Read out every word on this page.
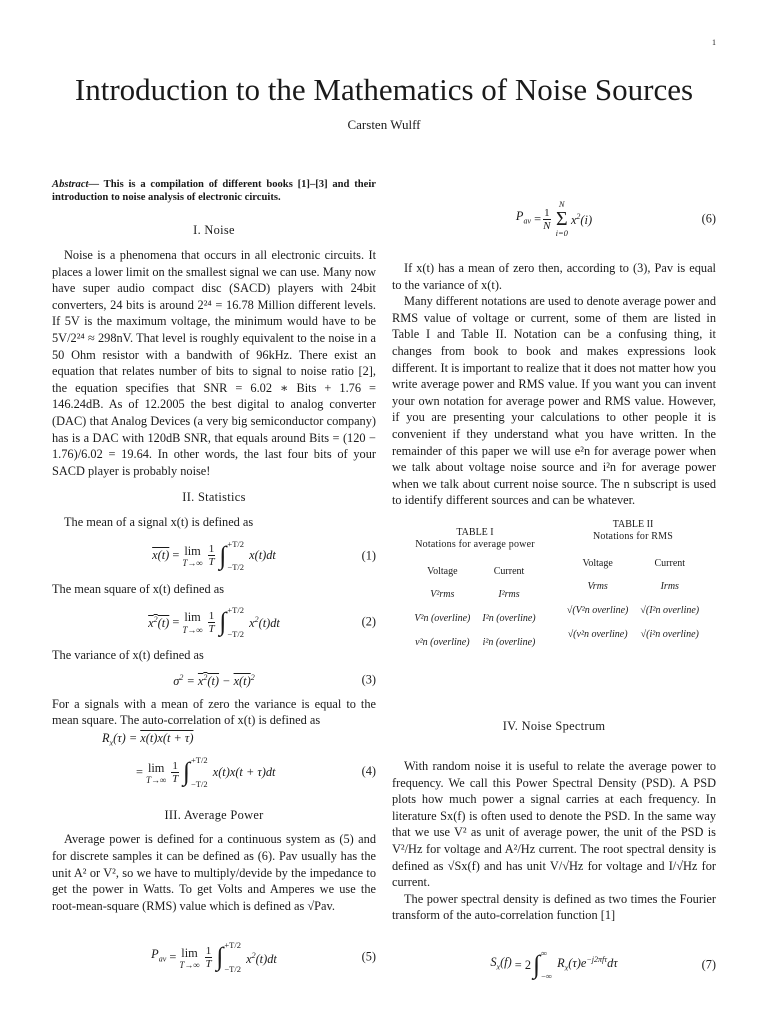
1
Introduction to the Mathematics of Noise Sources
Carsten Wulff
Abstract— This is a compilation of different books [1]–[3] and their introduction to noise analysis of electronic circuits.
I. Noise

Noise is a phenomena that occurs in all electronic circuits. It places a lower limit on the smallest signal we can use. Many now have super audio compact disc (SACD) players with 24bit converters, 24 bits is around 2²⁴ = 16.78 Million different levels. If 5V is the maximum voltage, the minimum would have to be 5V/2²⁴ ≈ 298nV. That level is roughly equivalent to the noise in a 50 Ohm resistor with a bandwith of 96kHz. There exist an equation that relates number of bits to signal to noise ratio [2], the equation specifies that SNR = 6.02 ∗ Bits + 1.76 = 146.24dB. As of 12.2005 the best digital to analog converter (DAC) that Analog Devices (a very big semiconductor company) has is a DAC with 120dB SNR, that equals around Bits = (120 − 1.76)/6.02 = 19.64. In other words, the last four bits of your SACD player is probably noise!

II. Statistics

The mean of a signal x(t) is defined as

x(t) = lim
$T\to\infty \frac{1}{T}$ ∫ +T/2
−T/2
x(t)dt	(1)

The mean square of x(t) defined as

$x^2(t) = \lim$
$T\to\infty \frac{1}{T}$ ∫ +T/2
−T/2
$x^2(t)dt$	(2)

The variance of x(t) defined as

$\sigma^2 = x^2(t) - x(t)^2$	(3)

For a signals with a mean of zero the variance is equal to the mean square. The auto-correlation of x(t) is defined as

$R_x(\tau) = x(t)x(t + \tau)$
= lim
$T\to\infty \frac{1}{T}$ ∫ +T/2
−T/2
x(t)x(t + τ)dt	(4)
III. Average Power

Average power is defined for a continuous system as (5) and for discrete samples it can be defined as (6). Pav usually has the unit A² or V², so we have to multiply/devide by the impedance to get the power in Watts. To get Volts and Amperes we use the root-mean-square (RMS) value which is defined as √Pav.

$P_{av} = \lim$
$T\to\infty \frac{1}{T}$ ∫ +T/2
−T/2
$x^2(t)dt$	(5)
$P_{av} = \frac{1}{N}$
N
Σ
i=0
$x^2(i)$	(6)

If x(t) has a mean of zero then, according to (3), Pav is equal to the variance of x(t).

Many different notations are used to denote average power and RMS value of voltage or current, some of them are listed in Table I and Table II. Notation can be a confusing thing, it changes from book to book and makes expressions look different. It is important to realize that it does not matter how you write average power and RMS value. If you want you can invent your own notation for average power and RMS value. However, if you are presenting your calculations to other people it is convenient if they understand what you have written. In the remainder of this paper we will use e²n for average power when we talk about voltage noise source and i²n for average power when we talk about current noise source. The n subscript is used to identify different sources and can be whatever.

TABLE I
Notations for average power
Voltage	Current
V²rms	I²rms
V²n (overline)	I²n (overline)
v²n (overline)	i²n (overline)
TABLE II
Notations for RMS
Voltage	Current
Vrms	Irms
√(V²n overline)	√(I²n overline)
√(v²n overline)	√(i²n overline)
IV. Noise Spectrum

With random noise it is useful to relate the average power to frequency. We call this Power Spectral Density (PSD). A PSD plots how much power a signal carries at each frequency. In literature Sx(f) is often used to denote the PSD. In the same way that we use V² as unit of average power, the unit of the PSD is V²/Hz for voltage and A²/Hz current. The root spectral density is defined as √Sx(f) and has unit V/√Hz for voltage and I/√Hz for current.

The power spectral density is defined as two times the Fourier transform of the auto-correlation function [1]

$S_x(f) = 2$ ∫ ∞
−∞
$R_x(\tau)e^{-j2\pi f\tau}d\tau$	(7)
